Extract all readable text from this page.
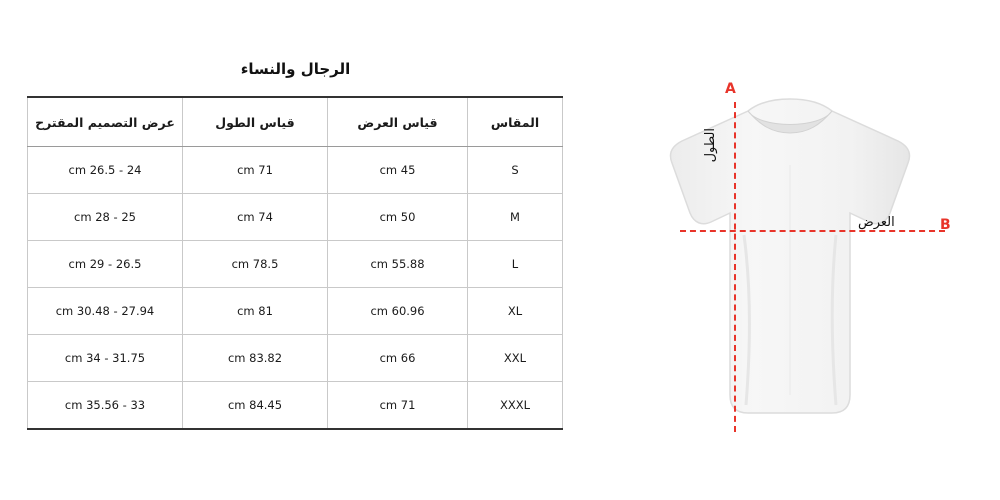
الرجال والنساء
المقاس	قياس العرض	قياس الطول	عرض التصميم المقترح
S	45 cm	71 cm	24 - 26.5 cm
M	50 cm	74 cm	25 - 28 cm
L	55.88 cm	78.5 cm	26.5 - 29 cm
XL	60.96 cm	81 cm	27.94 - 30.48 cm
XXL	66 cm	83.82 cm	31.75 - 34 cm
XXXL	71 cm	84.45 cm	33 - 35.56 cm
A
B
الطول
العرض
